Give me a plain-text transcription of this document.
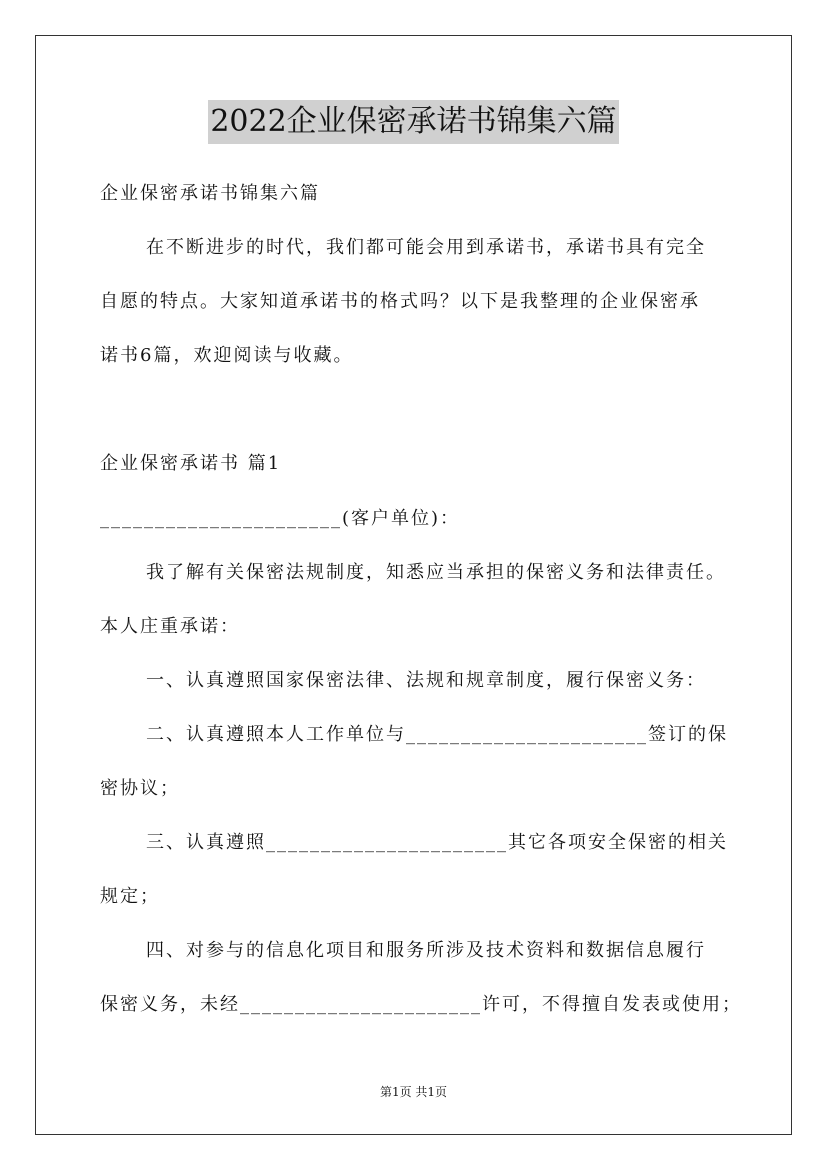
2022企业保密承诺书锦集六篇
企业保密承诺书锦集六篇
在不断进步的时代，我们都可能会用到承诺书，承诺书具有完全
自愿的特点。大家知道承诺书的格式吗？以下是我整理的企业保密承
诺书6篇，欢迎阅读与收藏。
企业保密承诺书 篇1
______________________(客户单位)：
我了解有关保密法规制度，知悉应当承担的保密义务和法律责任。
本人庄重承诺：
一、认真遵照国家保密法律、法规和规章制度，履行保密义务：
二、认真遵照本人工作单位与______________________签订的保
密协议；
三、认真遵照______________________其它各项安全保密的相关
规定；
四、对参与的信息化项目和服务所涉及技术资料和数据信息履行
保密义务，未经______________________许可，不得擅自发表或使用；
第1页 共1页
